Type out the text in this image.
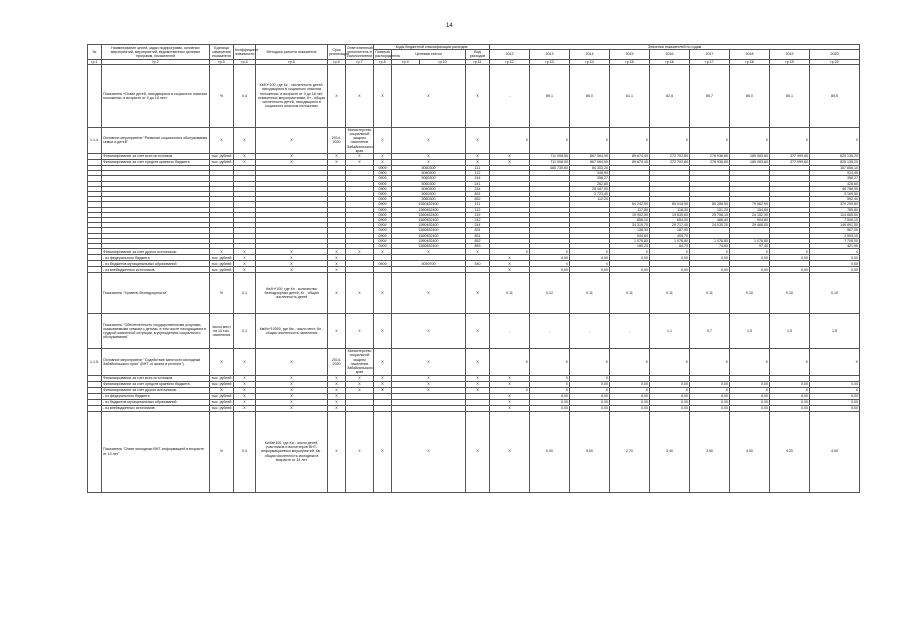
14
№	Наименование целей, задач подпрограмм, основных мероприятий, мероприятий, ведомственных целевых программ, показателей	Единица измерения показателя	Коэффициент значимости	Методика расчета показателя	Срок реализации	Ответственный исполнитель и соисполнители	Коды бюджетной классификации расходов				Значения показателей по годам									
							Главный распорядитель	Целевая статья		Вид расходов	2012	2013	2014	2015	2016	2017	2018	2019	2020	
гр.1	гр.2	гр.3	гр.4	гр.5	гр.6	гр.7	гр.8	гр.9	гр.10	гр.11	гр.12	гр.13	гр.14	гр.15	гр.16	гр.17	гр.18	гр.19	гр.20	
	Показатель «Охват детей, находящихся в социально опасном положении, в возрасте от 0 до 18 лет»	%	0,4	Кz/Кт*100, где Кz - численность детей, находящихся в социально опасном положении, в возрасте от 0 до 18 лет, охваченных мероприятиями, Кт - общая численность детей, находящихся в социально опасном положении	Х	Х	Х	Х		Х	-	89,1	85,0	61,1	82,5	85,7	85,0	85,1	85,5	
1.1.4.	Основное мероприятие "Развитие социального обслуживания семьи и детей"	Х	Х	Х	2014-2020	Министерство социальной защиты населения Забайкальского края	Х	Х		Х	Х	Х	Х	Х	Х	Х	Х	Х	Х	
	Финансирование за счет всех источников	тыс. рублей	Х	Х	Х	Х	Х	Х		Х	Х	711 008,50	867 064,90	89 674,40	272 702,80	278 936,80	189 083,60	377 999,60	825 135,20	
	Финансирование за счет средств краевого бюджета	тыс. рублей	Х	Х	Х	Х	Х	Х		Х	Х	711 008,50	867 064,90	89 674,40	272 702,80	278 936,80	189 083,60	377 999,60	825 135,20	
							0909	5060300		111		485 735,60	84 303,20						157 808,10	
							0909	5060300		112			348,90						514,40	
							0909	5060300		244			358,27						358,27	
							0909	5060300		241			262,80						428,60	
							0909	5060300		244			28 187,00						46 788,90	
							0909	5060300		851			3 723,40						3 169,50	
							0909	5060300		852			112,20						592,40	
							0909	1560452400		111				64 242,00	65 018,90	85 288,50	79 962,90		379 290,80	
							0909	1560452400		112				117,80	118,30	151,20	154,60		785,80	
							0909	1560452400		119				19 902,50	19 635,60	25 758,10	24 152,90		114 665,50	
							0909	1560452400		242				856,10	654,00	486,40	904,80		7 506,10	
							0909	1560452400		244				34 310,70	29 717,40	24 030,20	29 468,00		146 891,50	
							0909	1560452400		831				138,30	187,90				567,00	
							0909	1560452400		851				544,60	405,70				2 593,10	
							0909	1560452400		852				1 076,80	1 076,80	1 076,80	1 076,80		7 708,00	
							0909	1560452400		853				185,20	64,70	74,60	97,40		421,90	
	Финансирование за счет других источников:	Х	Х	Х	Х	Х	Х	Х		Х	Х	Х	Х	Х	Х	Х	Х	Х	Х	
	- из федерального бюджета	тыс. рублей	Х	Х	Х						Х	0,00	0,00	0,00	0,00	0,00	0,00	0,00	0,00	
	- из бюджетов муниципальных образований	тыс. рублей	Х	Х	Х		0909	5059700		540	Х	Х	Х						0,00	
	- из внебюджетных источников	тыс. рублей	Х	Х	Х						Х	0,00	0,00	0,00	0,00	0,00	0,00	0,00	0,00	
	Показатель "Уровень безнадзорности"	%	0,1	Кн/Кт*100, где Кн - количество безнадзорных детей, Кт - общая численность детей	Х	Х	Х	Х		Х	0,11	0,12	0,11	0,11	0,11	0,11	0,10	0,10	0,10	
	Показатель "Обеспеченность государственными услугами, оказываемыми семьям с детьми, в том числе находящимся в трудной жизненной ситуации, в учреждениях социального обслуживания"	число мест на 10 тыс. населения	0,1	Км/Кн*10000, где Км - число мест, Кн - общая численность населения	Х	Х	Х	Х		Х	-	-	-	-	1,1	0,7	1,5	1,5	1,5	
1.1.5.	Основное мероприятие "Содействие занятости молодежи Забайкальского края" (ВНТ от жизни в регионе")	Х	Х	Х	2014-2020	Министерство социальной защиты населения Забайкальского края	Х	Х		Х	Х	Х	Х	Х	Х	Х	Х	Х	Х	
	Финансирование за счет всех источников	тыс. рублей	Х	Х	Х	Х	Х	Х		Х	Х	Х	Х							
	Финансирование за счет средств краевого бюджета	тыс. рублей	Х	Х	Х	Х	Х	Х		Х	Х	Х	0,00	0,00	0,00	0,00	0,00	0,00	0,00	
	Финансирование за счет других источников:	Х	Х	Х	Х	Х	Х	Х		Х	Х	Х	Х	Х	Х	Х	Х	Х	Х	
	- из федерального бюджета	тыс. рублей	Х	Х	Х						Х	0,00	0,00	0,00	0,00	0,00	0,00	0,00	0,00	
	- из бюджетов муниципальных образований	тыс. рублей	Х	Х	Х						Х	0,00	0,00	0,00	0,00	0,00	0,00	0,00	0,00	
	- из внебюджетных источников	тыс. рублей	Х	Х	Х						Х	0,00	0,00	0,00	0,00	0,00	0,00	0,00	0,00	
	Показатель "Охват молодежи ВНТ-информацией в возрасте от 14 лет"	%	0,4	Ки/Кв*100, где Ки - число детей, участников и волонтеров ВНТ-информационных мероприятий, Кв - общая численность молодежи в возрасте от 14 лет	Х	Х	Х	Х		Х	Х	0,00	5,00	2,70	3,40	3,90	4,00	4,20	4,00	
